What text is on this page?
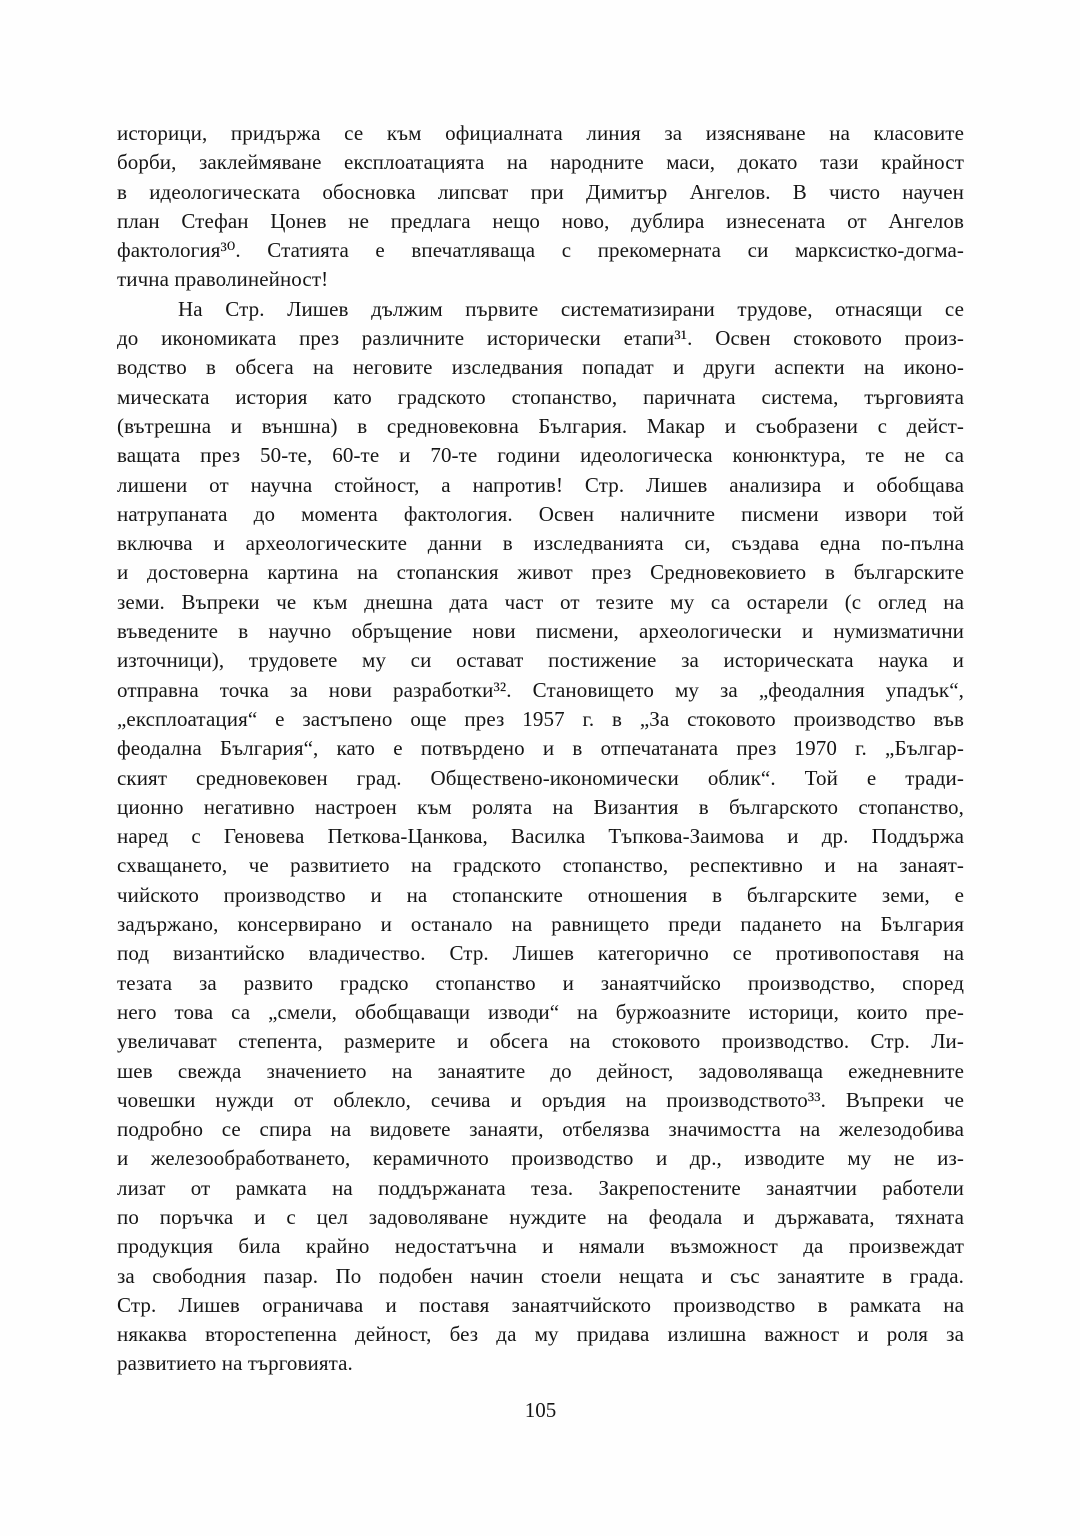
историци, придържа се към официалната линия за изясняване на класовите
борби, заклеймяване експлоатацията на народните маси, докато тази крайност
в идеологическата обосновка липсват при Димитър Ангелов. В чисто научен
план Стефан Цонев не предлага нещо ново, дублира изнесената от Ангелов
фактология³⁰. Статията е впечатляваща с прекомерната си марксистко-догма-
тична праволинейност!
На Стр. Лишев дължим първите систематизирани трудове, отнасящи се
до икономиката през различните исторически етапи³¹. Освен стоковото произ-
водство в обсега на неговите изследвания попадат и други аспекти на иконо-
мическата история като градското стопанство, паричната система, търговията
(вътрешна и външна) в средновековна България. Макар и съобразени с дейст-
ващата през 50-те, 60-те и 70-те години идеологическа конюнктура, те не са
лишени от научна стойност, а напротив! Стр. Лишев анализира и обобщава
натрупаната до момента фактология. Освен наличните писмени извори той
включва и археологическите данни в изследванията си, създава една по-пълна
и достоверна картина на стопанския живот през Средновековието в българските
земи. Въпреки че към днешна дата част от тезите му са остарели (с оглед на
въведените в научно обръщение нови писмени, археологически и нумизматични
източници), трудовете му си остават постижение за историческата наука и
отправна точка за нови разработки³². Становището му за „феодалния упадък“,
„експлоатация“ е застъпено още през 1957 г. в „За стоковото производство във
феодална България“, като е потвърдено и в отпечатаната през 1970 г. „Българ-
ският средновековен град. Обществено-икономически облик“. Той е тради-
ционно негативно настроен към ролята на Византия в българското стопанство,
наред с Геновева Петкова-Цанкова, Василка Тъпкова-Заимова и др. Поддържа
схващането, че развитието на градското стопанство, респективно и на занаят-
чийското производство и на стопанските отношения в българските земи, е
задържано, консервирано и останало на равнището преди падането на България
под византийско владичество. Стр. Лишев категорично се противопоставя на
тезата за развито градско стопанство и занаятчийско производство, според
него това са „смели, обобщаващи изводи“ на буржоазните историци, които пре-
увеличават степента, размерите и обсега на стоковото производство. Стр. Ли-
шев свежда значението на занаятите до дейност, задоволяваща ежедневните
човешки нужди от облекло, сечива и оръдия на производството³³. Въпреки че
подробно се спира на видовете занаяти, отбелязва значимостта на железодобива
и железообработването, керамичното производство и др., изводите му не из-
лизат от рамката на поддържаната теза. Закрепостените занаятчии работели
по поръчка и с цел задоволяване нуждите на феодала и държавата, тяхната
продукция била крайно недостатъчна и нямали възможност да произвеждат
за свободния пазар. По подобен начин стоели нещата и със занаятите в града.
Стр. Лишев ограничава и поставя занаятчийското производство в рамката на
някаква второстепенна дейност, без да му придава излишна важност и роля за
развитието на търговията.
105
